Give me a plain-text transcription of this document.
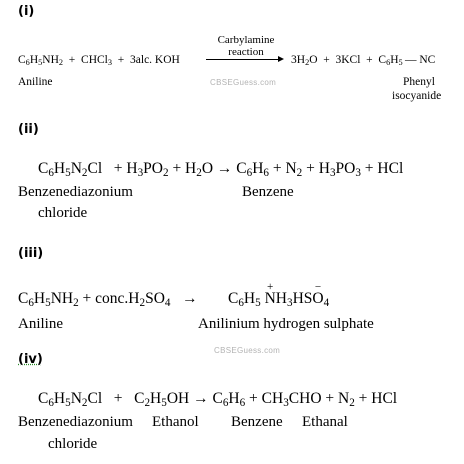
(i)
$C_6H_5NH_2$  +  CHCl$_3$  +  3alc. KOH
Carbylamine
reaction
$3H_2O + 3KCl + C_6H_5$ — NC
Aniline	CBSEGuess.com	Phenyl
isocyanide
(ii)
$C_6H_5N_2Cl + H_3PO_2 + H_2O \to C_6H_6 + N_2 + H_3PO_3$ + HCl
Benzenediazonium
chloride
Benzene
(iii)
$C_6H_5NH_2$ + $conc.H_2SO_4 \to C_6H_5$ N
+
$H_3HSO$
−
$_4$
Aniline	Anilinium hydrogen sulphate
CBSEGuess.com
(iv)
$C_6H_5N_2Cl + C_2H_5OH \to C_6H_6 + CH_3CHO + N_2$ + HCl
Benzenediazonium
chloride
Ethanol Benzene Ethanal
